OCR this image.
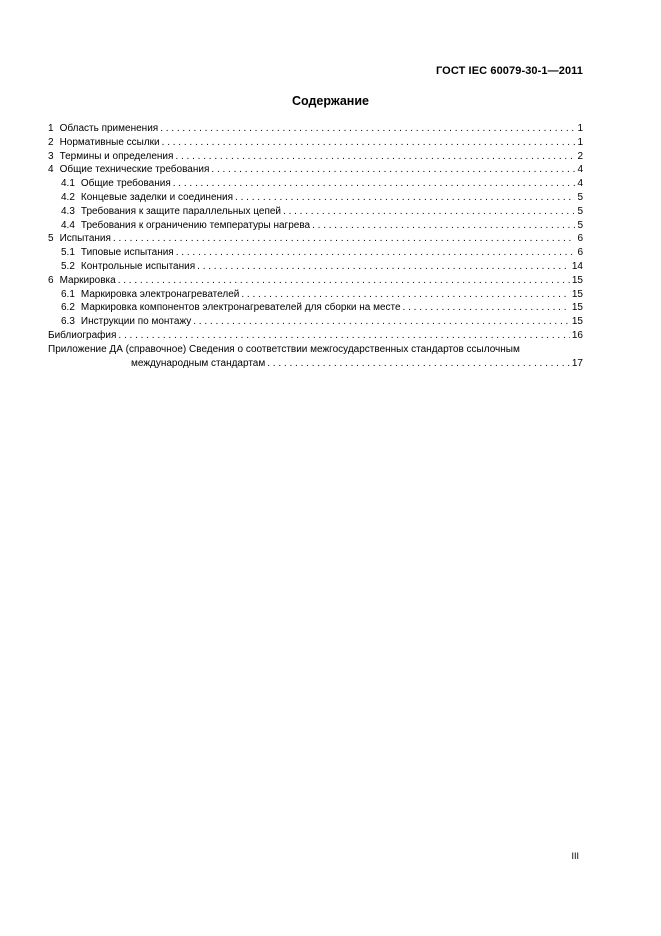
ГОСТ IEC 60079-30-1—2011
Содержание
1 Область применения . . .	1
2 Нормативные ссылки . . .	1
3 Термины и определения . . .	2
4 Общие технические требования . . .	4
4.1 Общие требования . . .	4
4.2 Концевые заделки и соединения . . .	5
4.3 Требования к защите параллельных цепей . . .	5
4.4 Требования к ограничению температуры нагрева . . .	5
5 Испытания . . .	6
5.1 Типовые испытания . . .	6
5.2 Контрольные испытания . . .	14
6 Маркировка . . .	15
6.1 Маркировка электронагревателей . . .	15
6.2 Маркировка компонентов электронагревателей для сборки на месте . . .	15
6.3 Инструкции по монтажу . . .	15
Библиография . . .	16
Приложение ДА (справочное) Сведения о соответствии межгосударственных стандартов ссылочным
международным стандартам . . .	17
III
